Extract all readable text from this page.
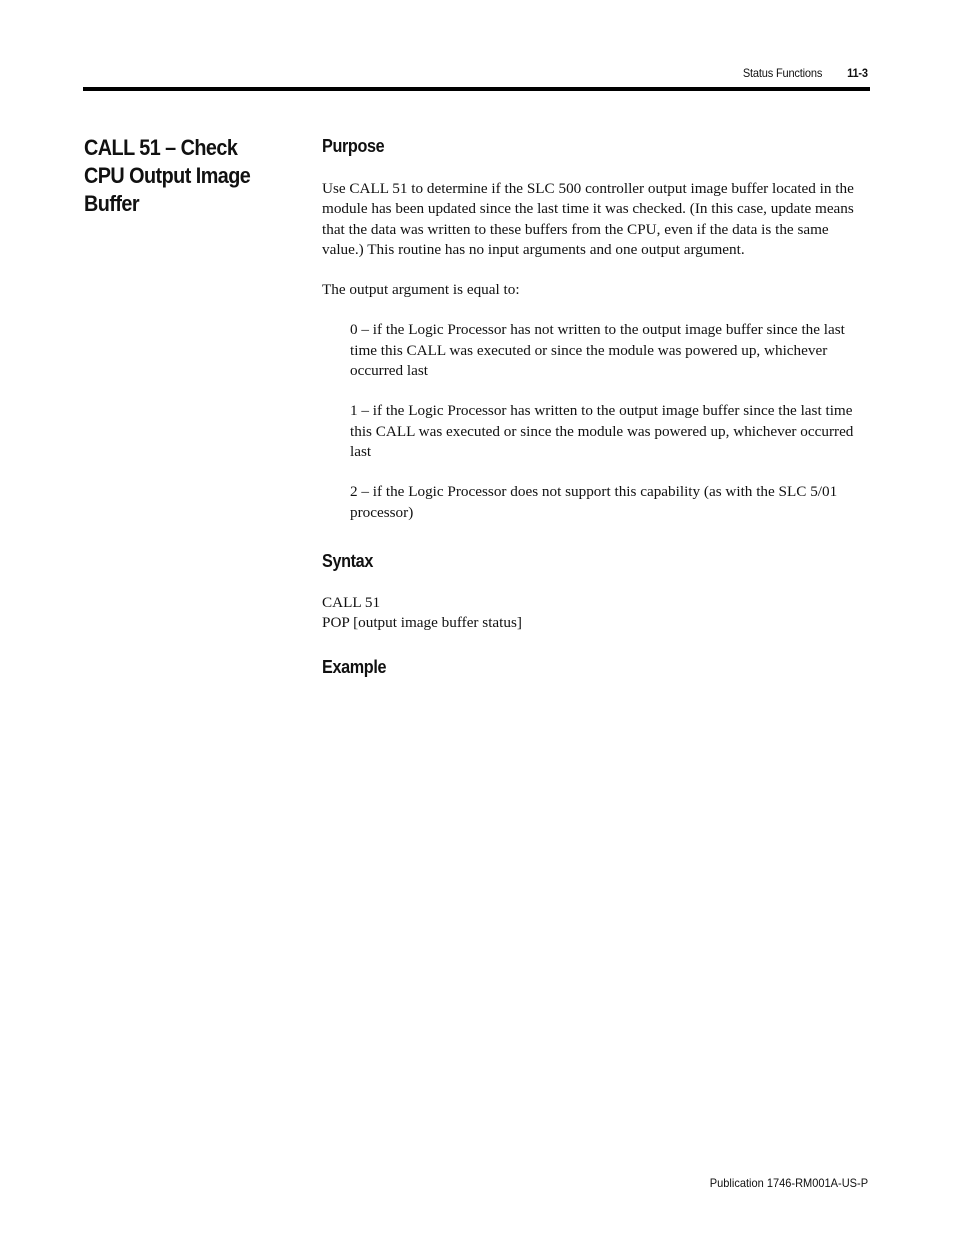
Status Functions 11-3
CALL 51 – Check CPU Output Image Buffer
Purpose

Use CALL 51 to determine if the SLC 500 controller output image buffer located in the module has been updated since the last time it was checked. (In this case, update means that the data was written to these buffers from the CPU, even if the data is the same value.) This routine has no input arguments and one output argument.

The output argument is equal to:

0 – if the Logic Processor has not written to the output image buffer since the last time this CALL was executed or since the module was powered up, whichever occurred last

1 – if the Logic Processor has written to the output image buffer since the last time this CALL was executed or since the module was powered up, whichever occurred last

2 – if the Logic Processor does not support this capability (as with the SLC 5/01 processor)

Syntax

CALL 51

POP [output image buffer status]

Example
Publication 1746-RM001A-US-P
